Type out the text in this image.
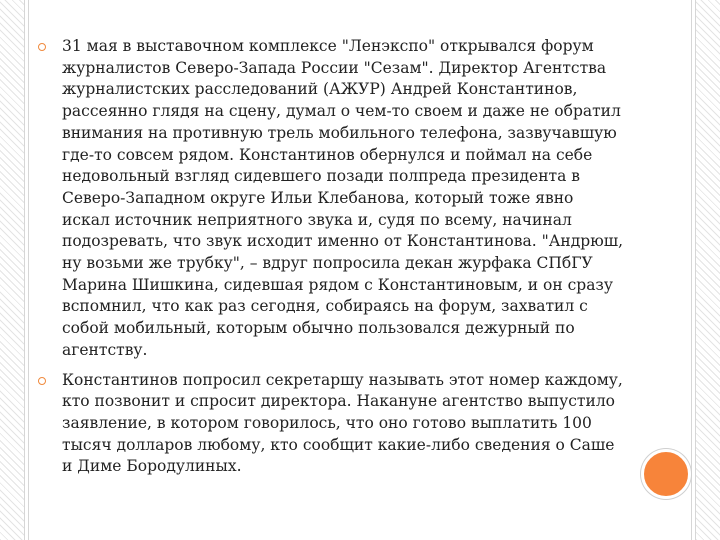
31 мая в выставочном комплексе "Ленэкспо" открывался форум журналистов Северо-Запада России "Сезам". Директор Агентства журналистских расследований (АЖУР) Андрей Константинов, рассеянно глядя на сцену, думал о чем-то своем и даже не обратил внимания на противную трель мобильного телефона, зазвучавшую где-то совсем рядом. Константинов обернулся и поймал на себе недовольный взгляд сидевшего позади полпреда президента в Северо-Западном округе Ильи Клебанова, который тоже явно искал источник неприятного звука и, судя по всему, начинал подозревать, что звук исходит именно от Константинова. "Андрюш, ну возьми же трубку", – вдруг попросила декан журфака СПбГУ Марина Шишкина, сидевшая рядом с Константиновым, и он сразу вспомнил, что как раз сегодня, собираясь на форум, захватил с собой мобильный, которым обычно пользовался дежурный по агентству.
Константинов попросил секретаршу называть этот номер каждому, кто позвонит и спросит директора. Накануне агентство выпустило заявление, в котором говорилось, что оно готово выплатить 100 тысяч долларов любому, кто сообщит какие-либо сведения о Саше и Диме Бородулиных.
